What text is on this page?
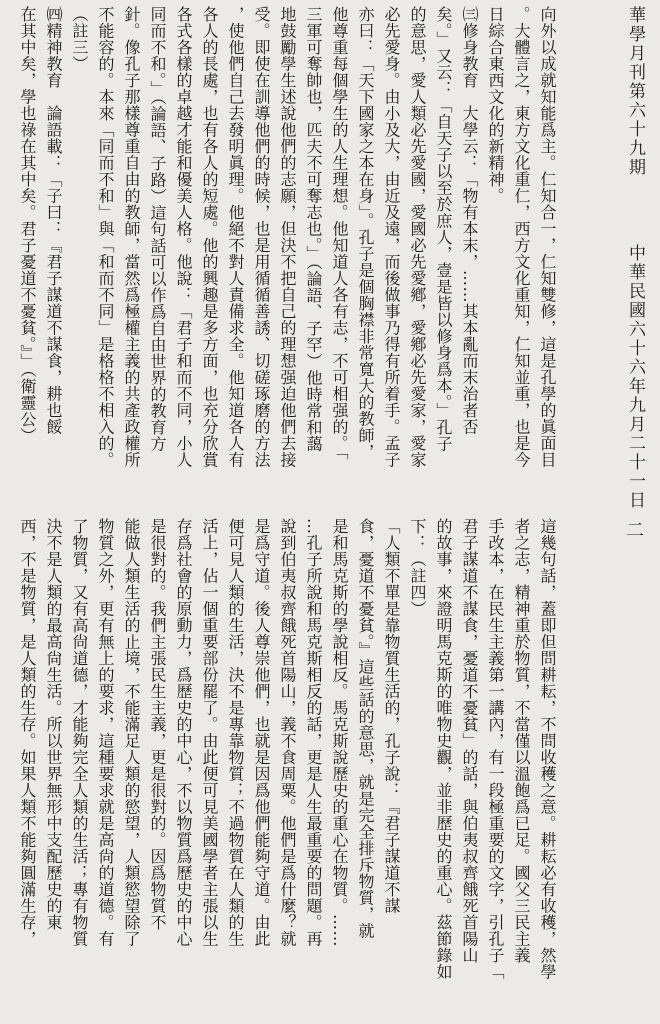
華學月刊第六十九期
中華民國六十六年九月二十一日
向外以成就知能爲主。仁知合一，仁知雙修，這是孔學的眞面目
。大體言之，東方文化重仁，西方文化重知，仁知並重，也是今
日綜合東西文化的新精神。
㈢修身教育　大學云：「物有本末，……其本亂而末治者否
矣。」又云：「自天子以至於庶人，壹是皆以修身爲本。」孔子
的意思，愛人類必先愛國，愛國必先愛鄕，愛鄕必先愛家，愛家
必先愛身。由小及大，由近及遠，而後做事乃得有所着手。孟子
亦曰：「天下國家之本在身」。孔子是個胸襟非常寬大的教師，
他尊重每個學生的人生理想。他知道人各有志，不可相强的。「
三軍可奪帥也，匹夫不可奪志也。」（論語、子罕）他時常和藹
地鼓勵學生述說他們的志願，但決不把自己的理想强迫他們去接
受。即使在訓導他們的時候，也是用循循善誘、切磋琢磨的方法
，使他們自己去發明眞理。他絕不對人責備求全。他知道各人有
各人的長處，也有各人的短處。他的興趣是多方面，也充分欣賞
各式各樣的卓越才能和優美人格。他說：「君子和而不同，小人
同而不和。」（論語、子路）這句話可以作爲自由世界的教育方
針。像孔子那樣尊重自由的教師，當然爲極權主義的共產政權所
不能容的。本來「同而不和」與「和而不同」是格格不相入的。
（註三）
㈣精神教育　論語載：「子曰：『君子謀道不謀食，耕也餒
在其中矣，學也祿在其中矣。君子憂道不憂貧。』」（衛靈公）
二
這幾句話，蓋即但問耕耘，不問收穫之意。耕耘必有收穫，然學
者之志，精神重於物質，不當僅以溫飽爲已足。國父三民主義
手改本，在民生主義第一講內，有一段極重要的文字，引孔子「
君子謀道不謀食，憂道不憂貧」的話，與伯夷叔齊餓死首陽山
的故事，來證明馬克斯的唯物史觀，並非歷史的重心。茲節錄如
下：（註四）
「人類不單是靠物質生活的，孔子說：『君子謀道不謀
食，憂道不憂貧。』這些話的意思，就是完全排斥物質，就
是和馬克斯的學說相反。馬克斯說歷史的重心在物質。……
…孔子所說和馬克斯相反的話，更是人生最重要的問題。再
說到伯夷叔齊餓死首陽山，義不食周粟。他們是爲什麼？就
是爲守道。後人尊崇他們，也就是因爲他們能夠守道。由此
便可見人類的生活，決不是專靠物質；不過物質在人類的生
活上，佔一個重要部份罷了。由此便可見美國學者主張以生
存爲社會的原動力，爲歷史的中心，不以物質爲歷史的中心
是很對的。我們主張民生主義，更是很對的。因爲物質不
能做人類生活的止境，不能滿足人類的慾望，人類慾望除了
物質之外，更有無上的要求，這種要求就是高尙的道德。有
了物質，又有高尙道德，才能夠完全人類的生活；專有物質
決不是人類的最高尙生活。所以世界無形中支配歷史的東
西，不是物質，是人類的生存。如果人類不能夠圓滿生存，
